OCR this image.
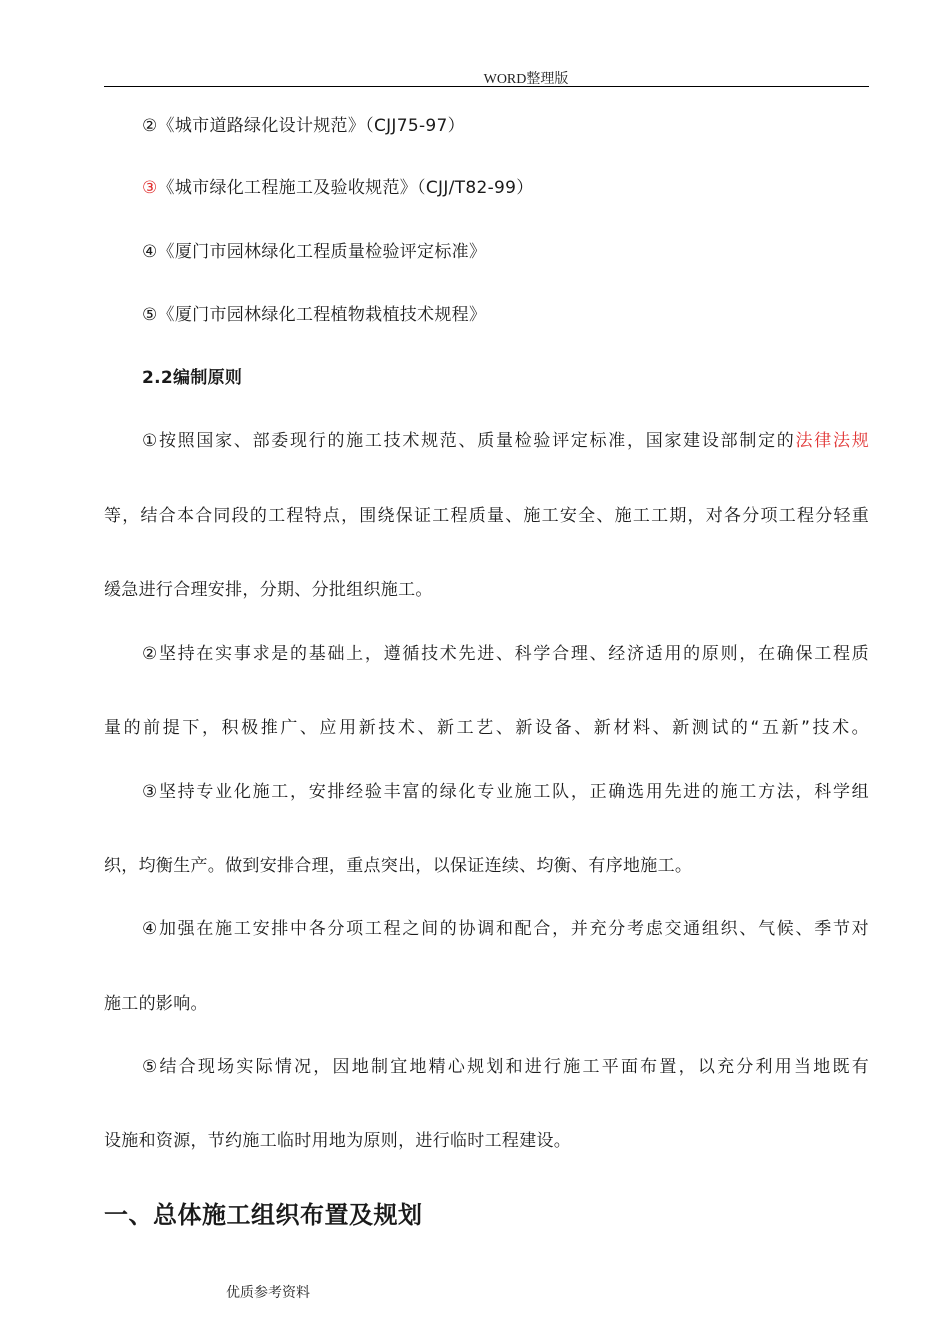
WORD整理版
②《城市道路绿化设计规范》（CJJ75-97）
③《城市绿化工程施工及验收规范》（CJJ/T82-99）
④《厦门市园林绿化工程质量检验评定标准》
⑤《厦门市园林绿化工程植物栽植技术规程》
2.2编制原则
①按照国家、部委现行的施工技术规范、质量检验评定标准，国家建设部制定的法律法规
等，结合本合同段的工程特点，围绕保证工程质量、施工安全、施工工期，对各分项工程分轻重
缓急进行合理安排，分期、分批组织施工。
②坚持在实事求是的基础上，遵循技术先进、科学合理、经济适用的原则，在确保工程质
量的前提下，积极推广、应用新技术、新工艺、新设备、新材料、新测试的“五新”技术。
③坚持专业化施工，安排经验丰富的绿化专业施工队，正确选用先进的施工方法，科学组
织，均衡生产。做到安排合理，重点突出，以保证连续、均衡、有序地施工。
④加强在施工安排中各分项工程之间的协调和配合，并充分考虑交通组织、气候、季节对
施工的影响。
⑤结合现场实际情况，因地制宜地精心规划和进行施工平面布置，以充分利用当地既有
设施和资源，节约施工临时用地为原则，进行临时工程建设。
一、总体施工组织布置及规划
优质参考资料
